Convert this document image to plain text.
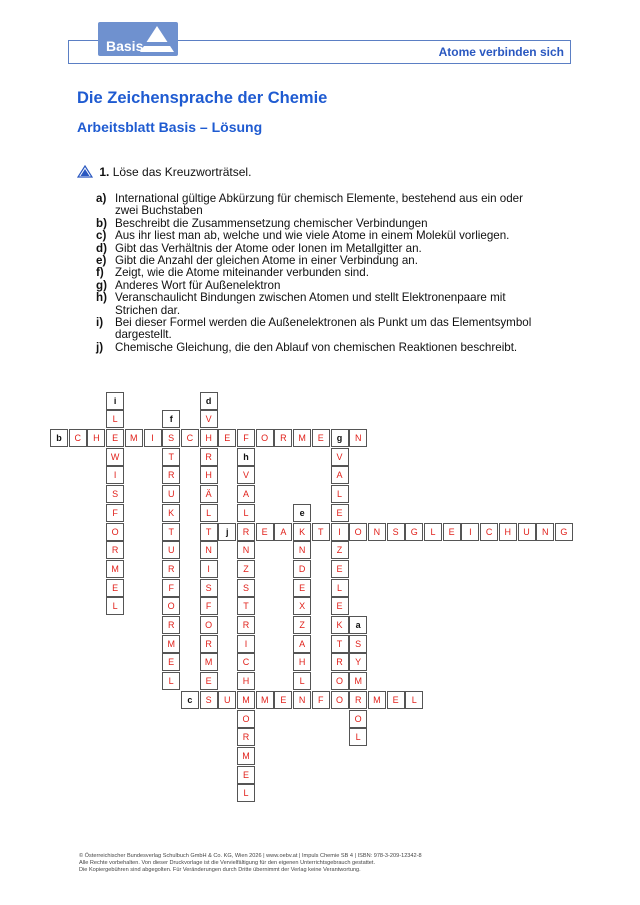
Basis	Atome verbinden sich
Die Zeichensprache der Chemie
Arbeitsblatt Basis – Lösung
1. Löse das Kreuzworträtsel.
a) International gültige Abkürzung für chemisch Elemente, bestehend aus ein oder zwei Buchstaben
b) Beschreibt die Zusammensetzung chemischer Verbindungen
c) Aus ihr liest man ab, welche und wie viele Atome in einem Molekül vorliegen.
d) Gibt das Verhältnis der Atome oder Ionen im Metallgitter an.
e) Gibt die Anzahl der gleichen Atome in einer Verbindung an.
f) Zeigt, wie die Atome miteinander verbunden sind.
g) Anderes Wort für Außenelektron
h) Veranschaulicht Bindungen zwischen Atomen und stellt Elektronenpaare mit Strichen dar.
i)	Bei dieser Formel werden die Außenelektronen als Punkt um das Elementsymbol dargestellt.
j)	Chemische Gleichung, die den Ablauf von chemischen Reaktionen beschreibt.
C	H	E	M	I	S	C	H	E	F	O	R	M	E	N
R	E	A	K	T	I	O	N	S	G	L	E	I	C	H	U	N	G
S	U	M	M	E	N	F	O	R	M	E	L
L
W
I
S
F
O
R
M
E
L
T
R
U
K
T
U
R
F
O
R
M
E
L
V
R
H
Ä
L
T
N
I
S
F
O
R
M
E
V
A
L
N
Z
S
T
R
I
C
H
O
R
M
E
L
N
D
E
X
Z
A
H
L
V
A
L
E
Z
E
L
E
K
T
R
O
S
Y
M
O
L
b
j
c
i
f
d
h
e
g
a
© Österreichischer Bundesverlag Schulbuch GmbH & Co. KG, Wien 2026 | www.oebv.at | Impuls Chemie SB 4 | ISBN: 978-3-209-12342-8
Alle Rechte vorbehalten. Von dieser Druckvorlage ist die Vervielfältigung für den eigenen Unterrichtsgebrauch gestattet.
Die Kopiergebühren sind abgegolten. Für Veränderungen durch Dritte übernimmt der Verlag keine Verantwortung.
